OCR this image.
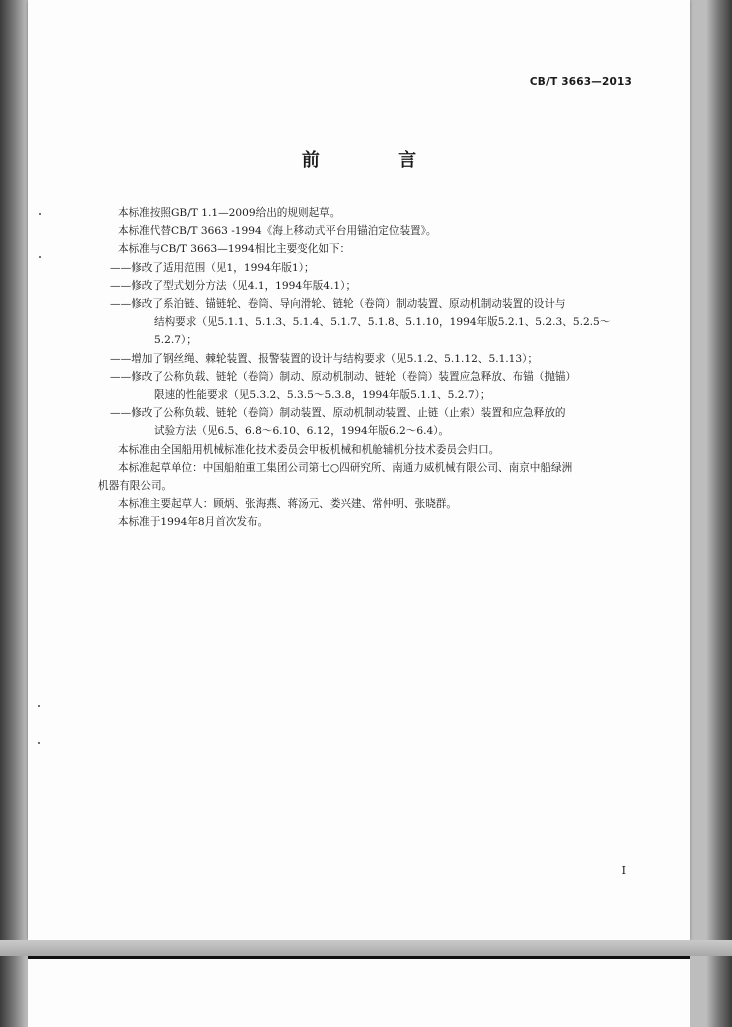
CB/T 3663—2013
前 言
本标准按照GB/T 1.1—2009给出的规则起草。
本标准代替CB/T 3663 -1994《海上移动式平台用锚泊定位装置》。
本标准与CB/T 3663—1994相比主要变化如下：
——修改了适用范围（见1，1994年版1）；
——修改了型式划分方法（见4.1，1994年版4.1）；
——修改了系泊链、锚链轮、卷筒、导向滑轮、链轮（卷筒）制动装置、原动机制动装置的设计与
结构要求（见5.1.1、5.1.3、5.1.4、5.1.7、5.1.8、5.1.10，1994年版5.2.1、5.2.3、5.2.5～
5.2.7）；
——增加了钢丝绳、棘轮装置、报警装置的设计与结构要求（见5.1.2、5.1.12、5.1.13）；
——修改了公称负载、链轮（卷筒）制动、原动机制动、链轮（卷筒）装置应急释放、布锚（抛锚）
限速的性能要求（见5.3.2、5.3.5～5.3.8，1994年版5.1.1、5.2.7）；
——修改了公称负载、链轮（卷筒）制动装置、原动机制动装置、止链（止索）装置和应急释放的
试验方法（见6.5、6.8～6.10、6.12，1994年版6.2～6.4）。
本标准由全国船用机械标准化技术委员会甲板机械和机舱辅机分技术委员会归口。
本标准起草单位：中国船舶重工集团公司第七○四研究所、南通力威机械有限公司、南京中船绿洲
机器有限公司。
本标准主要起草人：顾炳、张海燕、蒋汤元、娄兴建、常仲明、张晓群。
本标准于1994年8月首次发布。
I
